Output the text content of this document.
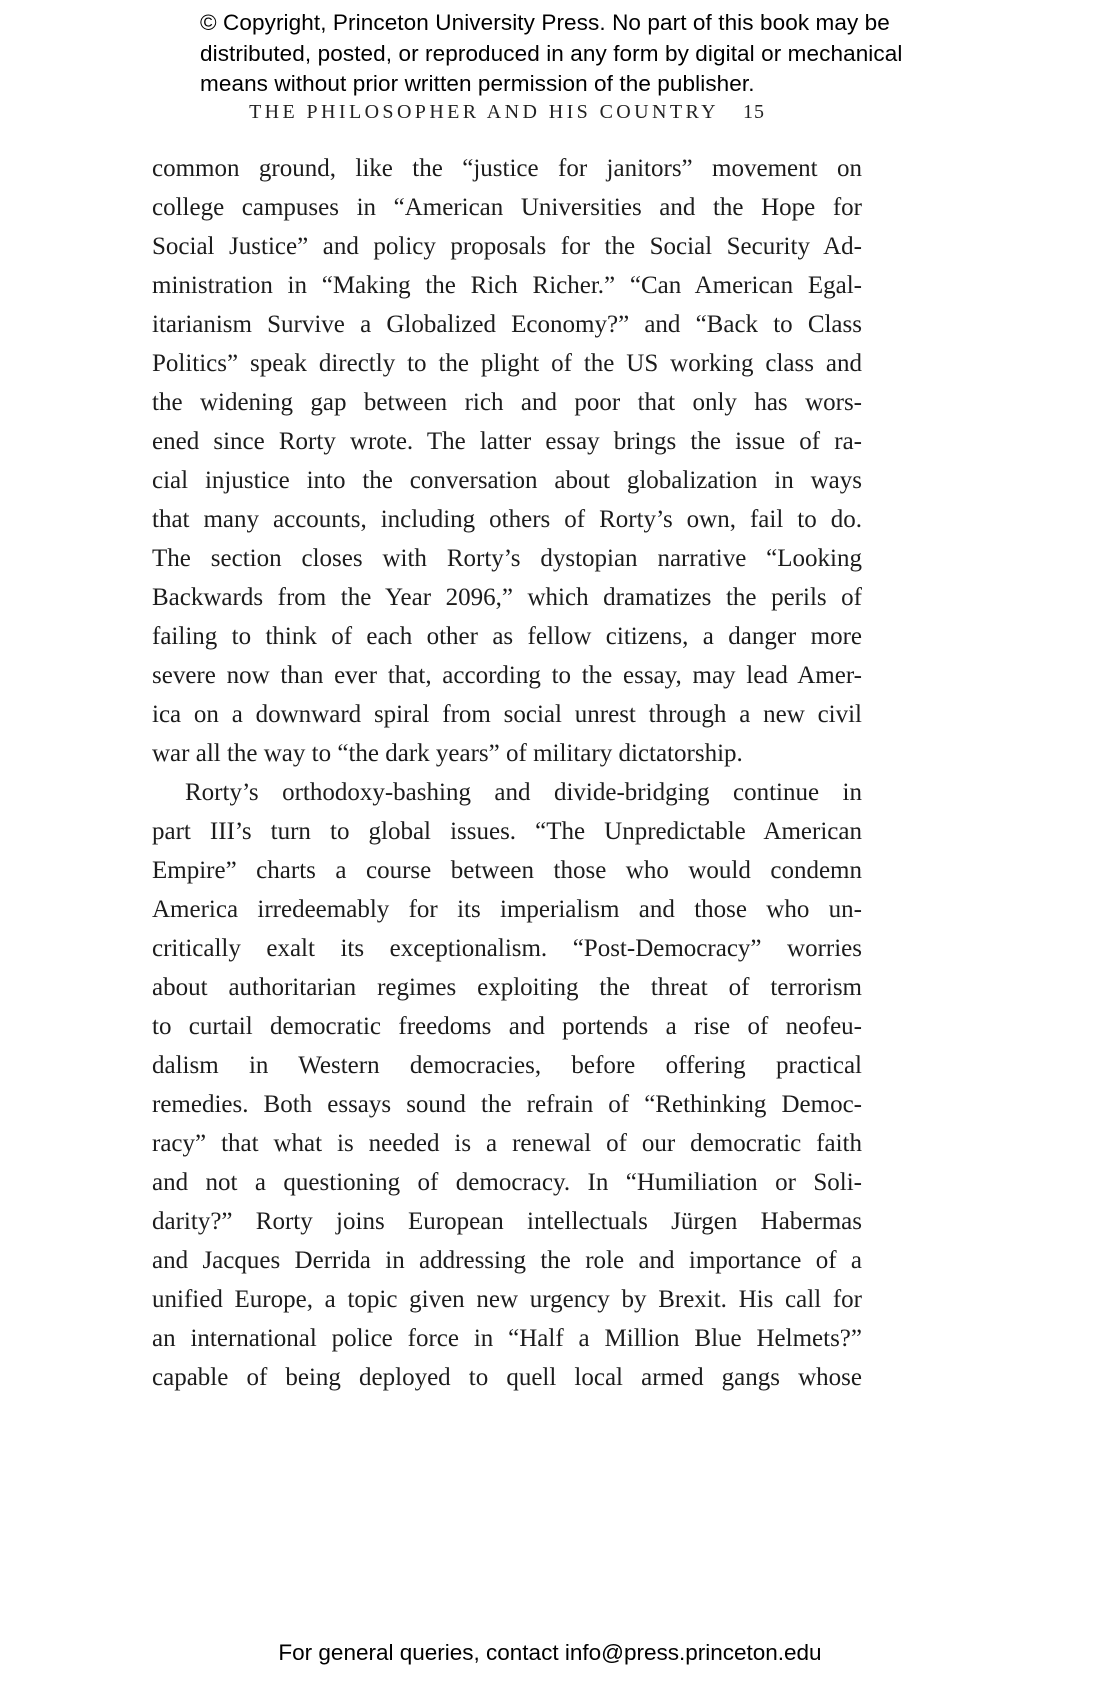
© Copyright, Princeton University Press. No part of this book may be
distributed, posted, or reproduced in any form by digital or mechanical
means without prior written permission of the publisher.
THE PHILOSOPHER AND HIS COUNTRY 15
common ground, like the “justice for janitors” movement on
college campuses in “American Universities and the Hope for
Social Justice” and policy proposals for the Social Security Ad-
ministration in “Making the Rich Richer.” “Can American Egal-
itarianism Survive a Globalized Economy?” and “Back to Class
Politics” speak directly to the plight of the US working class and
the widening gap between rich and poor that only has wors-
ened since Rorty wrote. The latter essay brings the issue of ra-
cial injustice into the conversation about globalization in ways
that many accounts, including others of Rorty’s own, fail to do.
The section closes with Rorty’s dystopian narrative “Looking
Backwards from the Year 2096,” which dramatizes the perils of
failing to think of each other as fellow citizens, a danger more
severe now than ever that, according to the essay, may lead Amer-
ica on a downward spiral from social unrest through a new civil
war all the way to “the dark years” of military dictatorship.
Rorty’s orthodoxy-bashing and divide-bridging continue in
part III’s turn to global issues. “The Unpredictable American
Empire” charts a course between those who would condemn
America irredeemably for its imperialism and those who un-
critically exalt its exceptionalism. “Post-Democracy” worries
about authoritarian regimes exploiting the threat of terrorism
to curtail democratic freedoms and portends a rise of neofeu-
dalism in Western democracies, before offering practical
remedies. Both essays sound the refrain of “Rethinking Democ-
racy” that what is needed is a renewal of our democratic faith
and not a questioning of democracy. In “Humiliation or Soli-
darity?” Rorty joins European intellectuals Jürgen Habermas
and Jacques Derrida in addressing the role and importance of a
unified Europe, a topic given new urgency by Brexit. His call for
an international police force in “Half a Million Blue Helmets?”
capable of being deployed to quell local armed gangs whose
For general queries, contact info@press.princeton.edu
